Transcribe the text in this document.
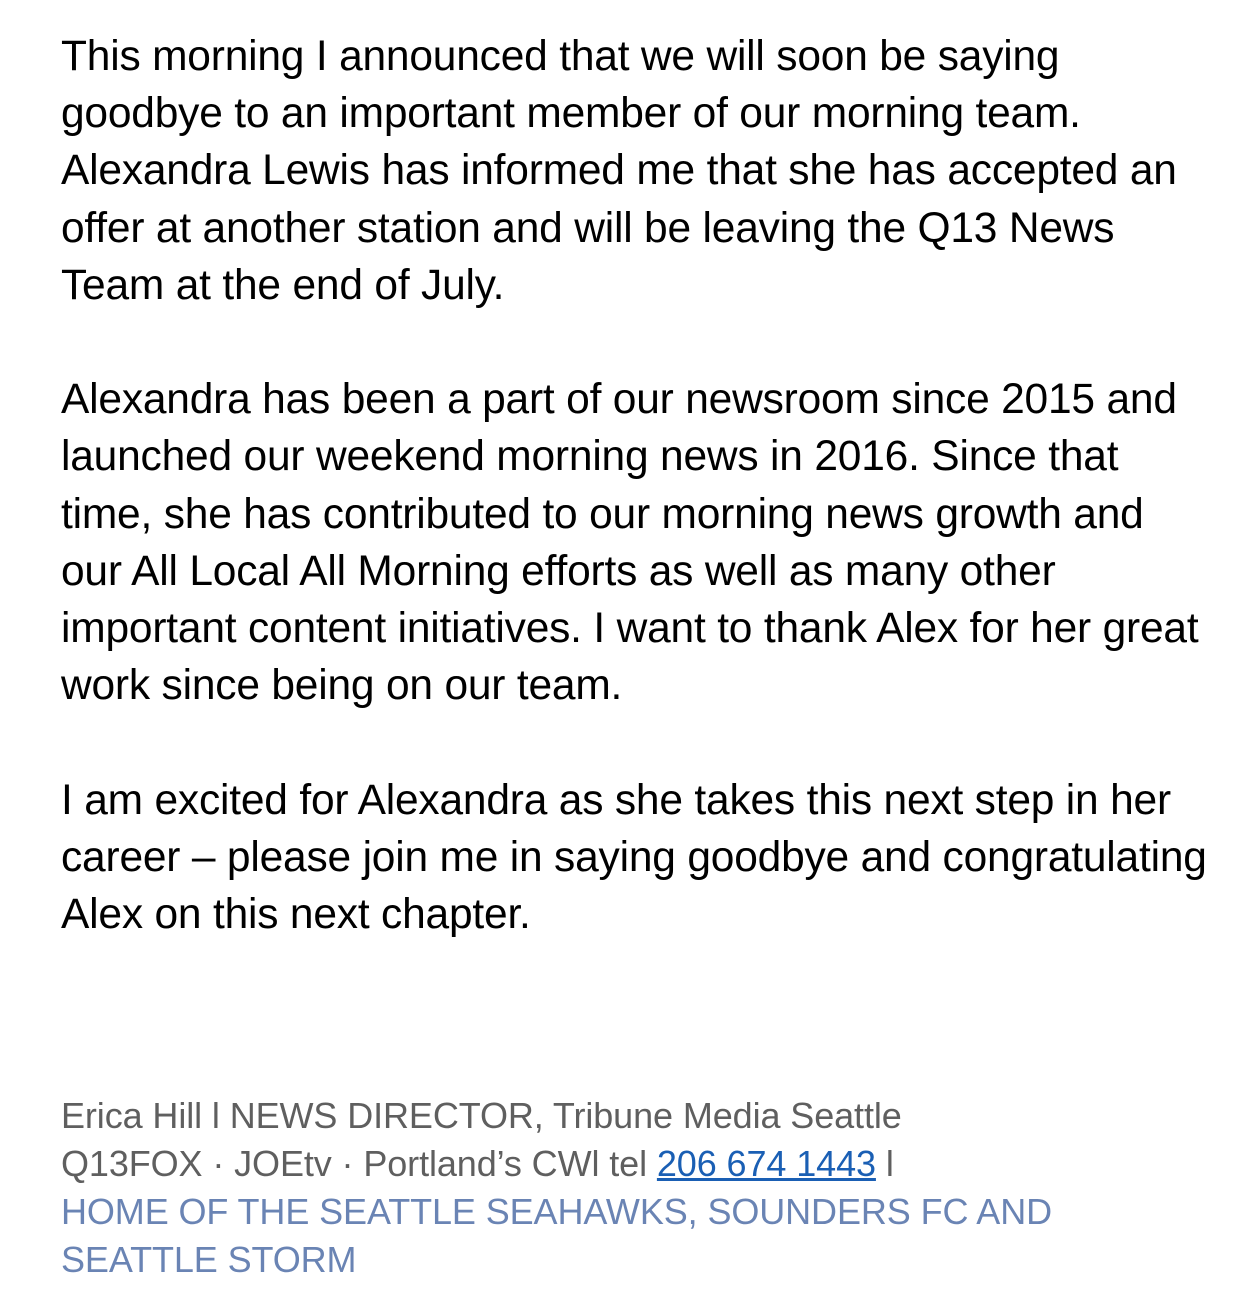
This morning I announced that we will soon be saying goodbye to an important member of our morning team. Alexandra Lewis has informed me that she has accepted an offer at another station and will be leaving the Q13 News Team at the end of July.

Alexandra has been a part of our newsroom since 2015 and launched our weekend morning news in 2016. Since that time, she has contributed to our morning news growth and our All Local All Morning efforts as well as many other important content initiatives. I want to thank Alex for her great work since being on our team.

I am excited for Alexandra as she takes this next step in her career – please join me in saying goodbye and congratulating Alex on this next chapter.

Erica Hill l NEWS DIRECTOR, Tribune Media Seattle
Q13FOX · JOEtv · Portland’s CWl tel 206 674 1443 l
HOME OF THE SEATTLE SEAHAWKS, SOUNDERS FC AND SEATTLE STORM
